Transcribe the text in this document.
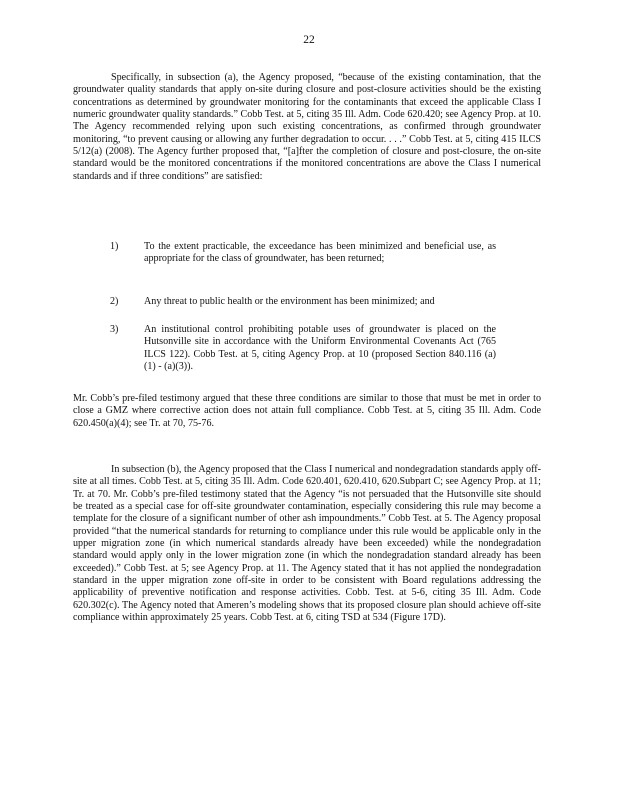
22

Specifically, in subsection (a), the Agency proposed, “because of the existing contamination, that the groundwater quality standards that apply on-site during closure and post-closure activities should be the existing concentrations as determined by groundwater monitoring for the contaminants that exceed the applicable Class I numeric groundwater quality standards.” Cobb Test. at 5, citing 35 Ill. Adm. Code 620.420; see Agency Prop. at 10. The Agency recommended relying upon such existing concentrations, as confirmed through groundwater monitoring, “to prevent causing or allowing any further degradation to occur. . . .” Cobb Test. at 5, citing 415 ILCS 5/12(a) (2008). The Agency further proposed that, “[a]fter the completion of closure and post-closure, the on-site standard would be the monitored concentrations if the monitored concentrations are above the Class I numerical standards and if three conditions” are satisfied:

1)	To the extent practicable, the exceedance has been minimized and beneficial use, as appropriate for the class of groundwater, has been returned;
2)	Any threat to public health or the environment has been minimized; and
3)	An institutional control prohibiting potable uses of groundwater is placed on the Hutsonville site in accordance with the Uniform Environmental Covenants Act (765 ILCS 122). Cobb Test. at 5, citing Agency Prop. at 10 (proposed Section 840.116 (a)(1) - (a)(3)).

Mr. Cobb’s pre-filed testimony argued that these three conditions are similar to those that must be met in order to close a GMZ where corrective action does not attain full compliance. Cobb Test. at 5, citing 35 Ill. Adm. Code 620.450(a)(4); see Tr. at 70, 75-76.

In subsection (b), the Agency proposed that the Class I numerical and nondegradation standards apply off-site at all times. Cobb Test. at 5, citing 35 Ill. Adm. Code 620.401, 620.410, 620.Subpart C; see Agency Prop. at 11; Tr. at 70. Mr. Cobb’s pre-filed testimony stated that the Agency “is not persuaded that the Hutsonville site should be treated as a special case for off-site groundwater contamination, especially considering this rule may become a template for the closure of a significant number of other ash impoundments.” Cobb Test. at 5. The Agency proposal provided “that the numerical standards for returning to compliance under this rule would be applicable only in the upper migration zone (in which numerical standards already have been exceeded) while the nondegradation standard would apply only in the lower migration zone (in which the nondegradation standard already has been exceeded).” Cobb Test. at 5; see Agency Prop. at 11. The Agency stated that it has not applied the nondegradation standard in the upper migration zone off-site in order to be consistent with Board regulations addressing the applicability of preventive notification and response activities. Cobb. Test. at 5-6, citing 35 Ill. Adm. Code 620.302(c). The Agency noted that Ameren’s modeling shows that its proposed closure plan should achieve off-site compliance within approximately 25 years. Cobb Test. at 6, citing TSD at 534 (Figure 17D).
